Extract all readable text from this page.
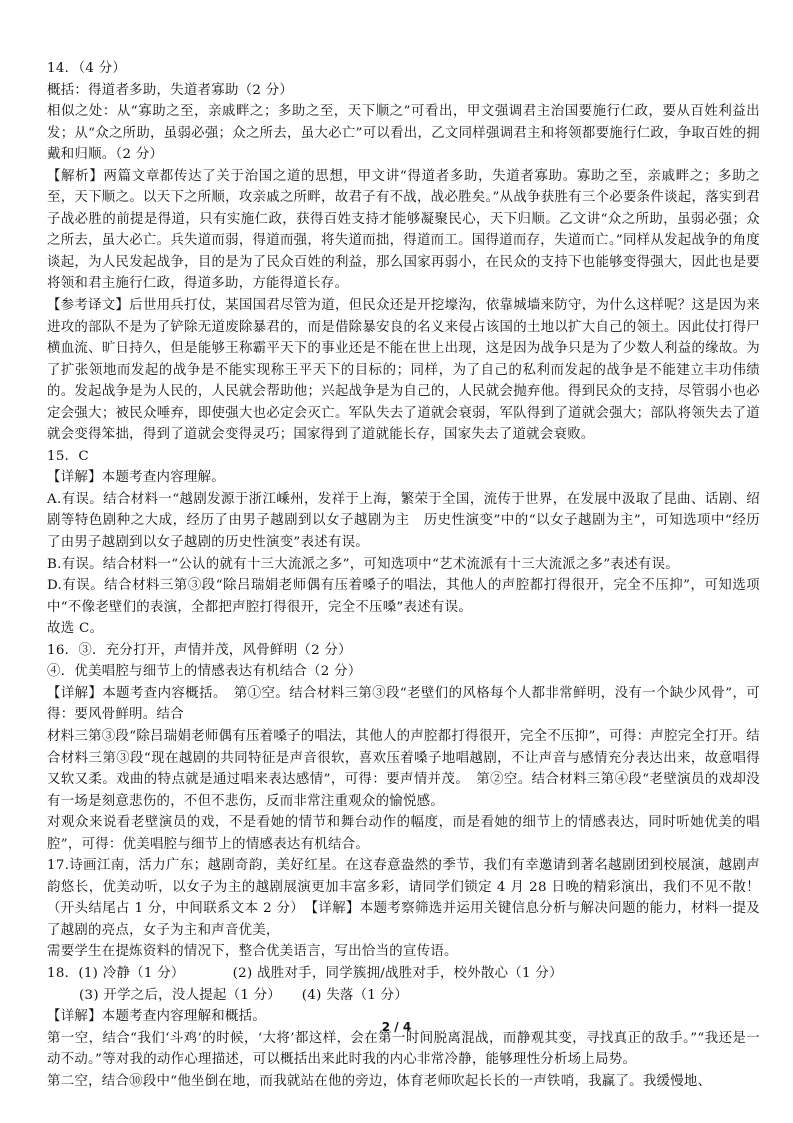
14．（4 分）

概括：得道者多助，失道者寡助（2 分）

相似之处：从“寡助之至，亲戚畔之；多助之至，天下顺之”可看出，甲文强调君主治国要施行仁政，要从百姓利益出发；从“众之所助，虽弱必强；众之所去，虽大必亡”可以看出，乙文同样强调君主和将领都要施行仁政，争取百姓的拥戴和归顺。（2 分）

【解析】两篇文章都传达了关于治国之道的思想，甲文讲“得道者多助，失道者寡助。寡助之至，亲戚畔之；多助之至，天下顺之。以天下之所顺，攻亲戚之所畔，故君子有不战，战必胜矣。”从战争获胜有三个必要条件谈起，落实到君子战必胜的前提是得道，只有实施仁政，获得百姓支持才能够凝聚民心，天下归顺。乙文讲“众之所助，虽弱必强；众之所去，虽大必亡。兵失道而弱，得道而强，将失道而拙，得道而工。国得道而存，失道而亡。”同样从发起战争的角度谈起，为人民发起战争，目的是为了民众百姓的利益，那么国家再弱小，在民众的支持下也能够变得强大，因此也是要将领和君主施行仁政，得道多助，方能得道长存。

【参考译文】后世用兵打仗，某国国君尽管为道，但民众还是开挖壕沟，依靠城墙来防守，为什么这样呢？这是因为来进攻的部队不是为了铲除无道废除暴君的，而是借除暴安良的名义来侵占该国的土地以扩大自己的领土。因此仗打得尸横血流、旷日持久，但是能够王称霸平天下的事业还是不能在世上出现，这是因为战争只是为了少数人利益的缘故。为了扩张领地而发起的战争是不能实现称王平天下的目标的；同样，为了自己的私利而发起的战争是不能建立丰功伟绩的。发起战争是为人民的，人民就会帮助他；兴起战争是为自己的，人民就会抛弃他。得到民众的支持，尽管弱小也必定会强大；被民众唾弃，即使强大也必定会灭亡。军队失去了道就会衰弱，军队得到了道就会强大；部队将领失去了道就会变得笨拙，得到了道就会变得灵巧；国家得到了道就能长存，国家失去了道就会衰败。

15．C

【详解】本题考查内容理解。

A.有误。结合材料一“越剧发源于浙江嵊州，发祥于上海，繁荣于全国，流传于世界，在发展中汲取了昆曲、话剧、绍剧等特色剧种之大成，经历了由男子越剧到以女子越剧为主　历史性演变”中的“以女子越剧为主”，可知选项中“经历了由男子越剧到以女子越剧的历史性演变”表述有误。

B.有误。结合材料一“公认的就有十三大流派之多”，可知选项中“艺术流派有十三大流派之多”表述有误。

D.有误。结合材料三第③段“除吕瑞娟老师偶有压着嗓子的唱法，其他人的声腔都打得很开，完全不压抑”，可知选项中“不像老壁们的表演，全都把声腔打得很开，完全不压嗓”表述有误。

故选 C。

16．③．充分打开，声情并茂，风骨鲜明（2 分）

④．优美唱腔与细节上的情感表达有机结合（2 分）

【详解】本题考查内容概括。　第①空。结合材料三第③段“老壁们的风格每个人都非常鲜明，没有一个缺少风骨”，可得：要风骨鲜明。结合

材料三第③段“除吕瑞娟老师偶有压着嗓子的唱法，其他人的声腔都打得很开，完全不压抑”，可得：声腔完全打开。结合材料三第③段“现在越剧的共同特征是声音很软，喜欢压着嗓子地唱越剧，不让声音与感情充分表达出来，故意唱得又软又柔。戏曲的特点就是通过唱来表达感情”，可得：要声情并茂。　第②空。结合材料三第④段“老壁演员的戏却没有一场是刻意悲伤的，不但不悲伤，反而非常注重观众的愉悦感。

对观众来说看老壁演员的戏，不是看她的情节和舞台动作的幅度，而是看她的细节上的情感表达，同时听她优美的唱腔”，可得：优美唱腔与细节上的情感表达有机结合。

17.诗画江南，活力广东；越剧奇韵，美好红星。在这春意盎然的季节，我们有幸邀请到著名越剧团到校展演，越剧声韵悠长，优美动听，以女子为主的越剧展演更加丰富多彩，请同学们锁定 4 月 28 日晚的精彩演出，我们不见不散！（开头结尾占 1 分，中间联系文本 2 分）　【详解】本题考察筛选并运用关键信息分析与解决问题的能力，材料一提及了越剧的亮点，女子为主和声音优美，

需要学生在提炼资料的情况下，整合优美语言，写出恰当的宣传语。

18．(1) 冷静（1 分）　　　　(2) 战胜对手，同学簇拥/战胜对手，校外散心（1 分）

(3) 开学之后，没人提起（1 分）　　(4) 失落（1 分）

【详解】本题考查内容理解和概括。

第一空，结合“我们‘斗鸡’的时候，‘大将’都这样，会在第一时间脱离混战，而静观其变，寻找真正的敌手。”“我还是一动不动。”等对我的动作心理描述，可以概括出来此时我的内心非常冷静，能够理性分析场上局势。

第二空，结合⑩段中“他坐倒在地，而我就站在他的旁边，体育老师吹起长长的一声铁哨，我赢了。我缓慢地、

2 / 4
